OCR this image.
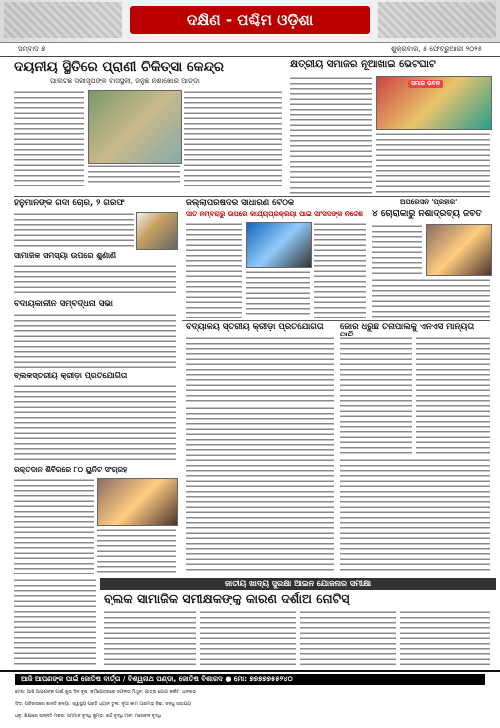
ଦକ୍ଷିଣ - ପଶ୍ଚିମ ଓଡ଼ିଶା
ସମ୍ବାଦ ୭	ଶୁକ୍ରବାର, ୫ ଫେବ୍ରୁଆରୀ ୨୦୨୫
ଦୟନୀୟ ସ୍ଥିତିରେ ପ୍ରାଣୀ ଚିକିତ୍ସା କେନ୍ଦ୍ର
ପାଲଟିଛି ସରୀସୃପଙ୍କ ବାସସ୍ଥଳୀ, ଜନୁଛି ନିଶାଖୋର ଆଡ୍ଡା
କ୍ଷତ୍ରୀୟ ସମାଜର ନୂଆଖାଇଁ ଭେଟଘାଟ
ସମାଜ ଭବନ
ହନୁମାନଙ୍କ ଗଦା ଚୋରି, ୨ ଗିରଫ
ସାମାଜିକ ସମସ୍ୟା ଉପରେ ଶୁଣାଣି
ବିଦାୟକାଳୀନ ସମ୍ବର୍ଦ୍ଧନା ସଭା
ବ୍ଲକସ୍ତରୀୟ କ୍ରୀଡ଼ା ପ୍ରତିଯୋଗିତା
ରକ୍ତଦାନ ଶିବିରରେ ୮୦ ୟୁନିଟ ସଂଗ୍ରହ
ଜିଲ୍ଲାପରିଷଦର ସାଧାରଣ ବୈଠକ
ସାତ ନମ୍ବରାରୁ ଉପରେ କାର୍ଯ୍ୟପ୍ରକ୍ରିୟା ପାଇଁ ସାଂସଦଙ୍କ ନିର୍ଦ୍ଦେଶ
ଅପରେସନ 'ପ୍ରହାର'
୪ ଚୋରାକାରୁ ନିଶାଦ୍ରବ୍ୟ ଜବତ
ବିଦ୍ୟାଳୟ ସ୍ତରୀୟ କ୍ରୀଡ଼ା ପ୍ରତିଯୋଗିତା ଜୋର ଧରୁଛି ତିନାପାଲିକୁ ଏନଏସି ମାନ୍ୟତା
ଜାତୀୟ ଖାଦ୍ୟ ସୁରକ୍ଷା ଆଇନ ଯୋଜନାର ସମୀକ୍ଷା
ବ୍ଲକ ସାମାଜିକ ସମୀକ୍ଷକଙ୍କୁ କାରଣ ଦର୍ଶାଅ ନୋଟିସ୍
ଆଜି ଆପଣଙ୍କ ପାଇଁ ଜୋତିଷ ବାର୍ତ୍ତା / ବିଶ୍ୱନାଥ ପଣ୍ଡା, ଜୋତିଷ ବିଶାରଦ ● ମୋ: ୭୭୭୭୭୫୫୨୪୦
ମେଷ: ଆଜି ଆପଣଙ୍କ ପାଇଁ ଶୁଭ ଦିନ ବୃଷ: କର୍ମକ୍ଷେତ୍ରରେ ସଫଳତା ମିଥୁନ: ଯାତ୍ରା ଯୋଗ କର୍କଟ: ଧନଲାଭ
ସିଂହ: ପରିବାରରେ ଶାନ୍ତି କନ୍ୟା: ସ୍ୱାସ୍ଥ୍ୟ ପ୍ରତି ଧ୍ୟାନ ତୁଳା: ନୂଆ କାମ ଆରମ୍ଭ ବିଛା: ବନ୍ଧୁ ସାହାଯ୍ୟ
ଧନୁ: ଶିକ୍ଷାରେ ଉନ୍ନତି ମକର: ସମ୍ମାନ ବୃଦ୍ଧି କୁମ୍ଭ: ଖର୍ଚ୍ଚ ବୃଦ୍ଧି ମୀନ: ମନୋବଳ ବୃଦ୍ଧି
